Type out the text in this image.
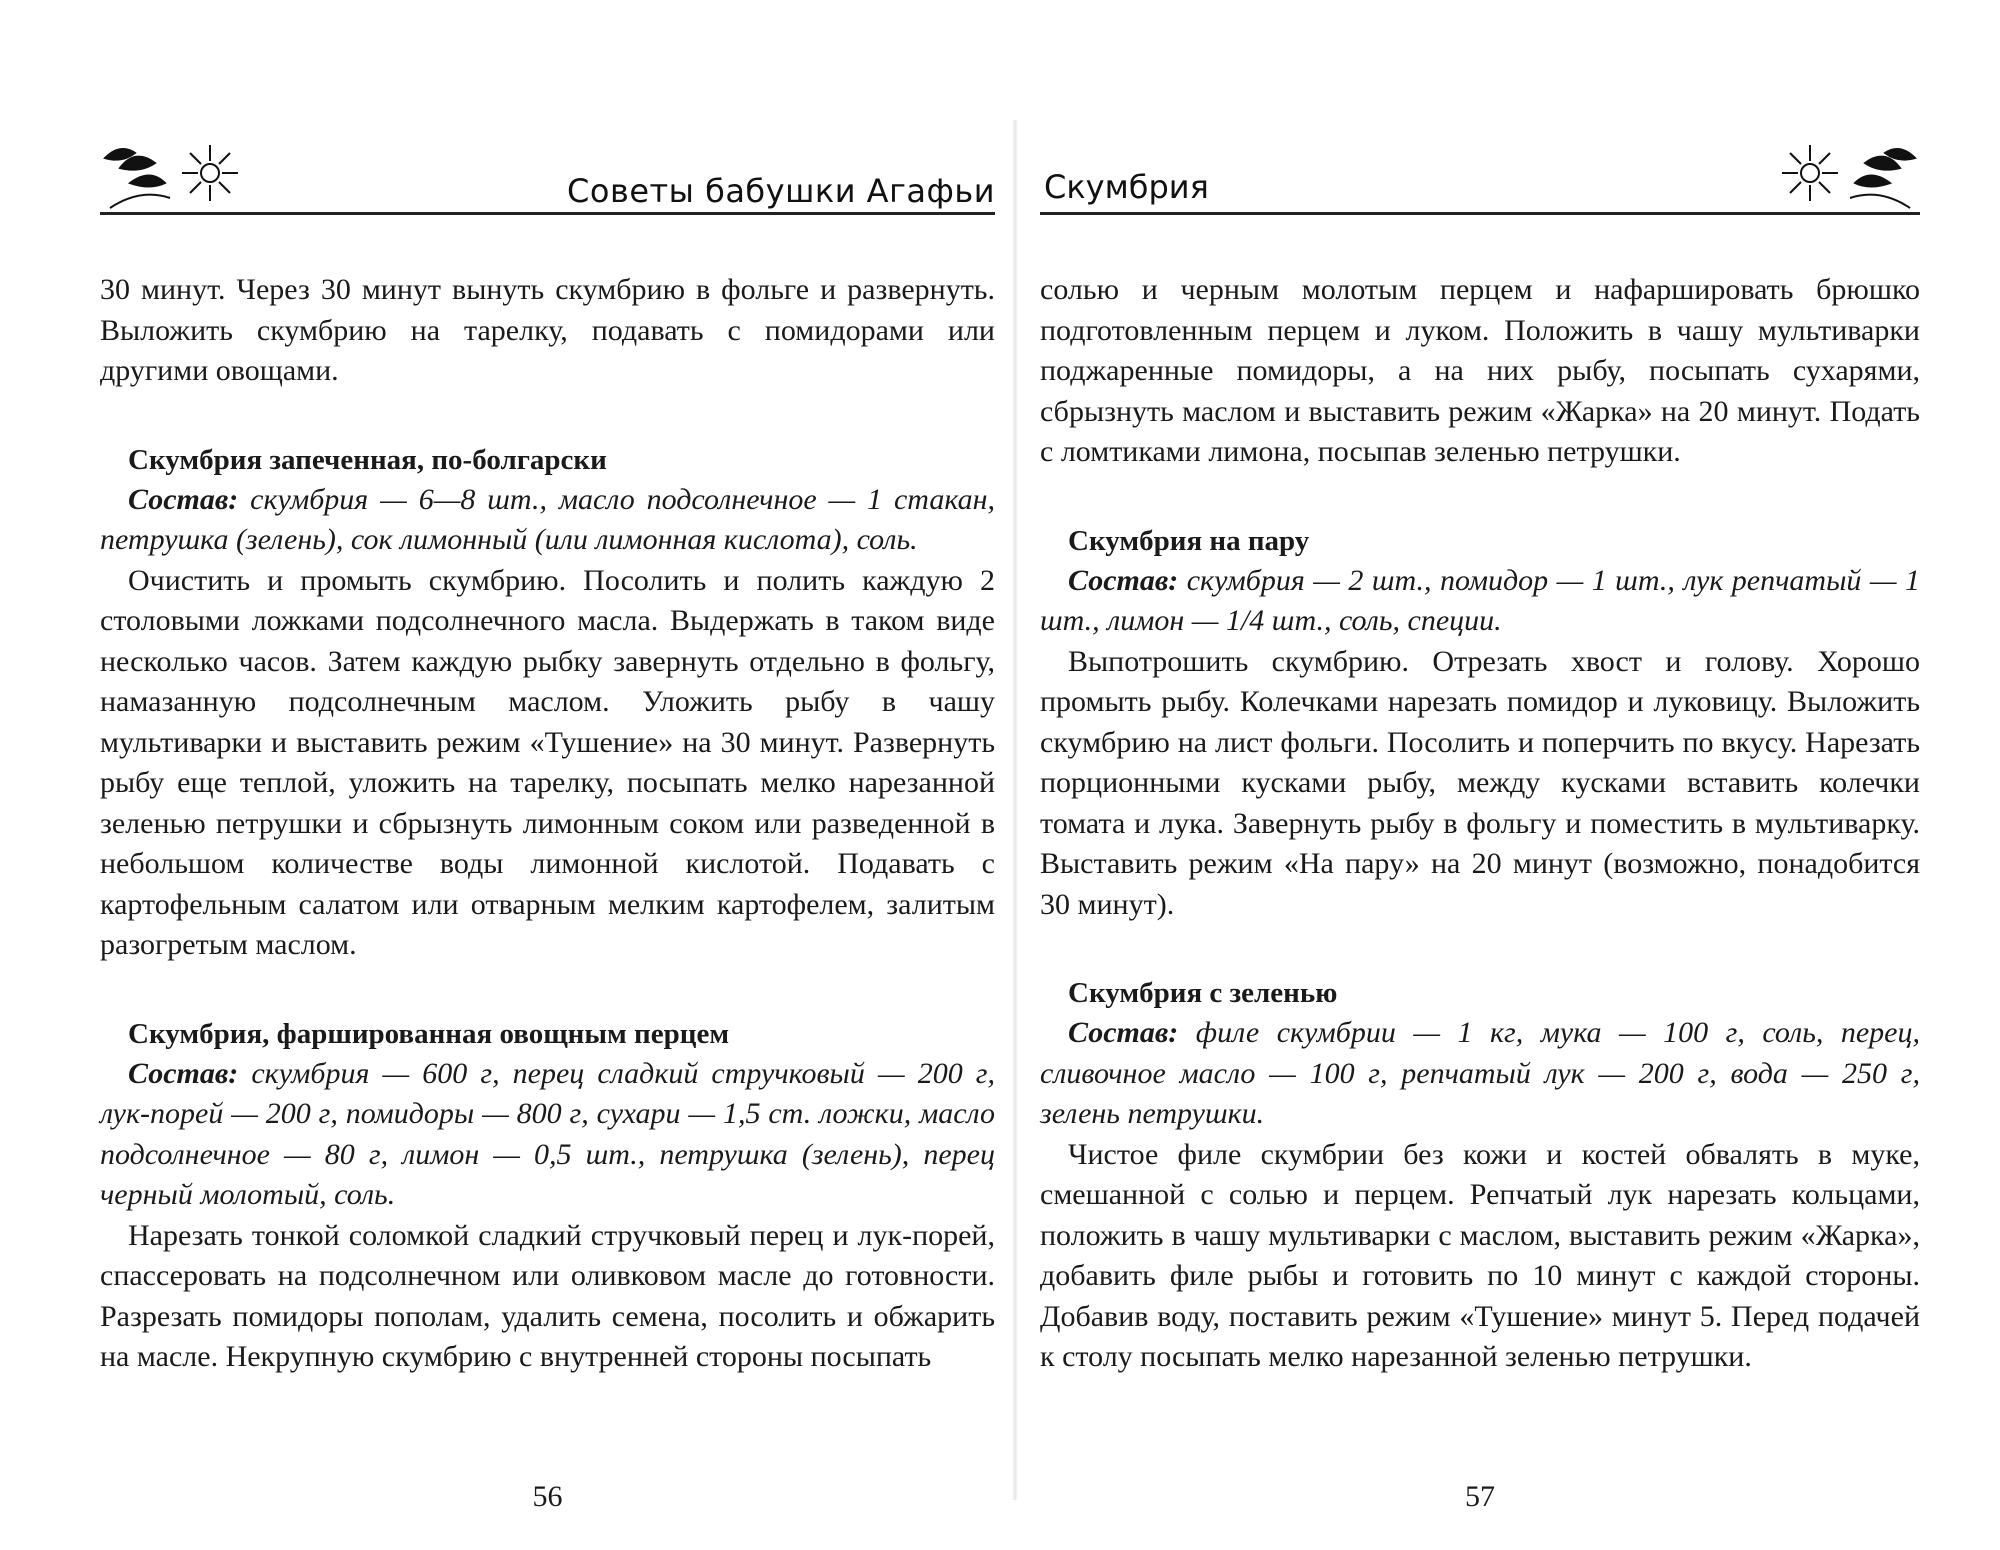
Советы бабушки Агафьи

30 минут. Через 30 минут вынуть скумбрию в фольге и развернуть. Выложить скумбрию на тарелку, подавать с помидорами или другими овощами.

Скумбрия запеченная, по-болгарски

Состав: скумбрия — 6—8 шт., масло подсолнечное — 1 стакан, петрушка (зелень), сок лимонный (или лимонная кислота), соль.

Очистить и промыть скумбрию. Посолить и полить каждую 2 столовыми ложками подсолнечного масла. Выдержать в таком виде несколько часов. Затем каждую рыбку завернуть отдельно в фольгу, намазанную подсолнечным маслом. Уложить рыбу в чашу мультиварки и выставить режим «Тушение» на 30 минут. Развернуть рыбу еще теплой, уложить на тарелку, посыпать мелко нарезанной зеленью петрушки и сбрызнуть лимонным соком или разведенной в небольшом количестве воды лимонной кислотой. Подавать с картофельным салатом или отварным мелким картофелем, залитым разогретым маслом.

Скумбрия, фаршированная овощным перцем

Состав: скумбрия — 600 г, перец сладкий стручковый — 200 г, лук-порей — 200 г, помидоры — 800 г, сухари — 1,5 ст. ложки, масло подсолнечное — 80 г, лимон — 0,5 шт., петрушка (зелень), перец черный молотый, соль.

Нарезать тонкой соломкой сладкий стручковый перец и лук-порей, спассеровать на подсолнечном или оливковом масле до готовности. Разрезать помидоры пополам, удалить семена, посолить и обжарить на масле. Некрупную скумбрию с внутренней стороны посыпать

56
Скумбрия

солью и черным молотым перцем и нафаршировать брюшко подготовленным перцем и луком. Положить в чашу мультиварки поджаренные помидоры, а на них рыбу, посыпать сухарями, сбрызнуть маслом и выставить режим «Жарка» на 20 минут. Подать с ломтиками лимона, посыпав зеленью петрушки.

Скумбрия на пару

Состав: скумбрия — 2 шт., помидор — 1 шт., лук репчатый — 1 шт., лимон — 1/4 шт., соль, специи.

Выпотрошить скумбрию. Отрезать хвост и голову. Хорошо промыть рыбу. Колечками нарезать помидор и луковицу. Выложить скумбрию на лист фольги. Посолить и поперчить по вкусу. Нарезать порционными кусками рыбу, между кусками вставить колечки томата и лука. Завернуть рыбу в фольгу и поместить в мультиварку. Выставить режим «На пару» на 20 минут (возможно, понадобится 30 минут).

Скумбрия с зеленью

Состав: филе скумбрии — 1 кг, мука — 100 г, соль, перец, сливочное масло — 100 г, репчатый лук — 200 г, вода — 250 г, зелень петрушки.

Чистое филе скумбрии без кожи и костей обвалять в муке, смешанной с солью и перцем. Репчатый лук нарезать кольцами, положить в чашу мультиварки с маслом, выставить режим «Жарка», добавить филе рыбы и готовить по 10 минут с каждой стороны. Добавив воду, поставить режим «Тушение» минут 5. Перед подачей к столу посыпать мелко нарезанной зеленью петрушки.

57
